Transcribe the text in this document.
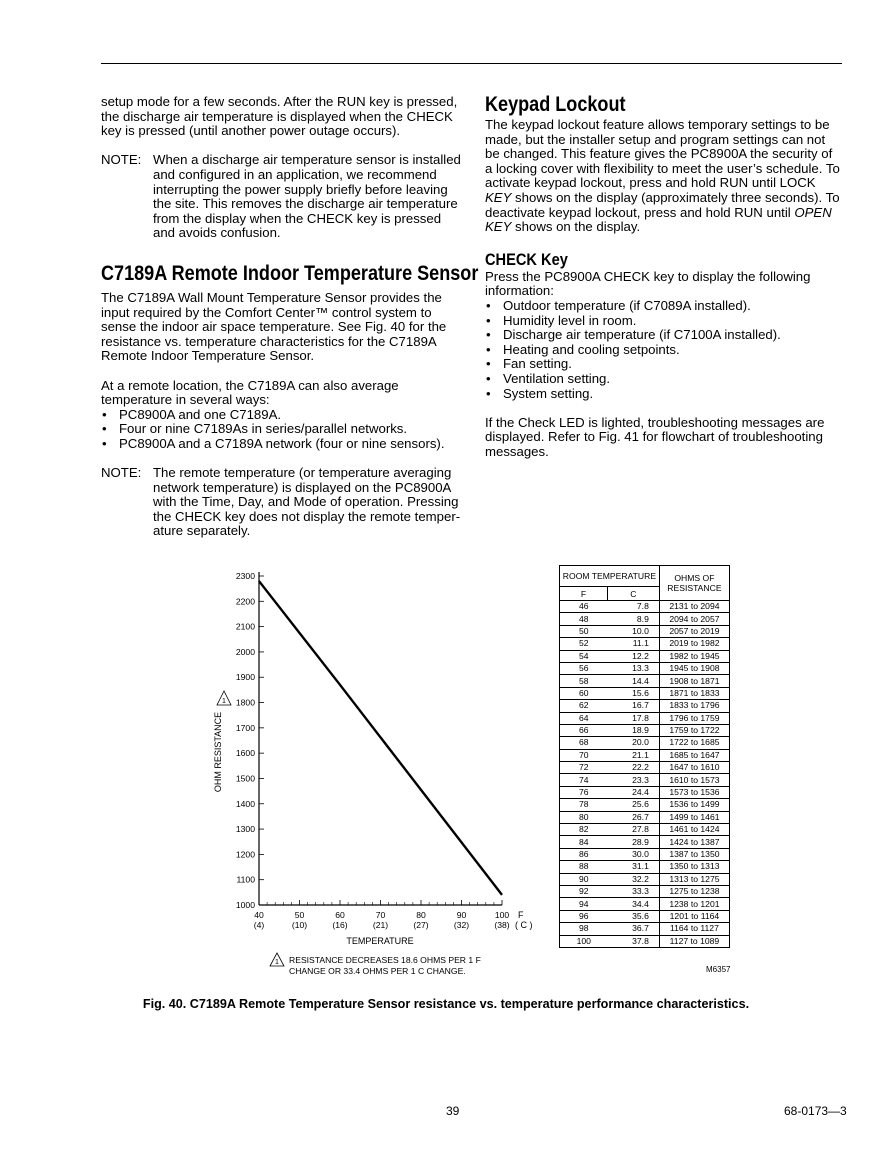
setup mode for a few seconds. After the RUN key is pressed, the discharge air temperature is displayed when the CHECK key is pressed (until another power outage occurs).

NOTE: When a discharge air temperature sensor is installed and configured in an application, we recommend interrupting the power supply briefly before leaving the site. This removes the discharge air temperature from the display when the CHECK key is pressed and avoids confusion.
C7189A Remote Indoor Temperature Sensor

The C7189A Wall Mount Temperature Sensor provides the input required by the Comfort Center™ control system to sense the indoor air space temperature. See Fig. 40 for the resistance vs. temperature characteristics for the C7189A Remote Indoor Temperature Sensor.

At a remote location, the C7189A can also average temperature in several ways:

• PC8900A and one C7189A.
• Four or nine C7189As in series/parallel networks.
• PC8900A and a C7189A network (four or nine sensors).
NOTE: The remote temperature (or temperature averaging network temperature) is displayed on the PC8900A with the Time, Day, and Mode of operation. Pressing the CHECK key does not display the remote temper-ature separately.
Keypad Lockout

The keypad lockout feature allows temporary settings to be made, but the installer setup and program settings can not be changed. This feature gives the PC8900A the security of a locking cover with flexibility to meet the user’s schedule. To activate keypad lockout, press and hold RUN until LOCK KEY shows on the display (approximately three seconds). To deactivate keypad lockout, press and hold RUN until OPEN KEY shows on the display.

CHECK Key

Press the PC8900A CHECK key to display the following information:

• Outdoor temperature (if C7089A installed).
• Humidity level in room.
• Discharge air temperature (if C7100A installed).
• Heating and cooling setpoints.
• Fan setting.
• Ventilation setting.
• System setting.

If the Check LED is lighted, troubleshooting messages are displayed. Refer to Fig. 41 for flowchart of troubleshooting messages.

1000
1100
1200
1300
1400
1500
1600
1700
1800
1900
2000
2100
2200
2300
40
(4)
50
(10)
60
(16)
70
(21)
80
(27)
90
(32)
100
(38)
F
( C )
TEMPERATURE
OHM RESISTANCE
1
1 RESISTANCE DECREASES 18.6 OHMS PER 1 F
CHANGE OR 33.4 OHMS PER 1 C CHANGE.
ROOM TEMPERATURE		OHMS OF RESISTANCE
F	C	
46	7.8	2131 to 2094
48	8.9	2094 to 2057
50	10.0	2057 to 2019
52	11.1	2019 to 1982
54	12.2	1982 to 1945
56	13.3	1945 to 1908
58	14.4	1908 to 1871
60	15.6	1871 to 1833
62	16.7	1833 to 1796
64	17.8	1796 to 1759
66	18.9	1759 to 1722
68	20.0	1722 to 1685
70	21.1	1685 to 1647
72	22.2	1647 to 1610
74	23.3	1610 to 1573
76	24.4	1573 to 1536
78	25.6	1536 to 1499
80	26.7	1499 to 1461
82	27.8	1461 to 1424
84	28.9	1424 to 1387
86	30.0	1387 to 1350
88	31.1	1350 to 1313
90	32.2	1313 to 1275
92	33.3	1275 to 1238
94	34.4	1238 to 1201
96	35.6	1201 to 1164
98	36.7	1164 to 1127
100	37.8	1127 to 1089
M6357
Fig. 40. C7189A Remote Temperature Sensor resistance vs. temperature performance characteristics.
39	68-0173—3
